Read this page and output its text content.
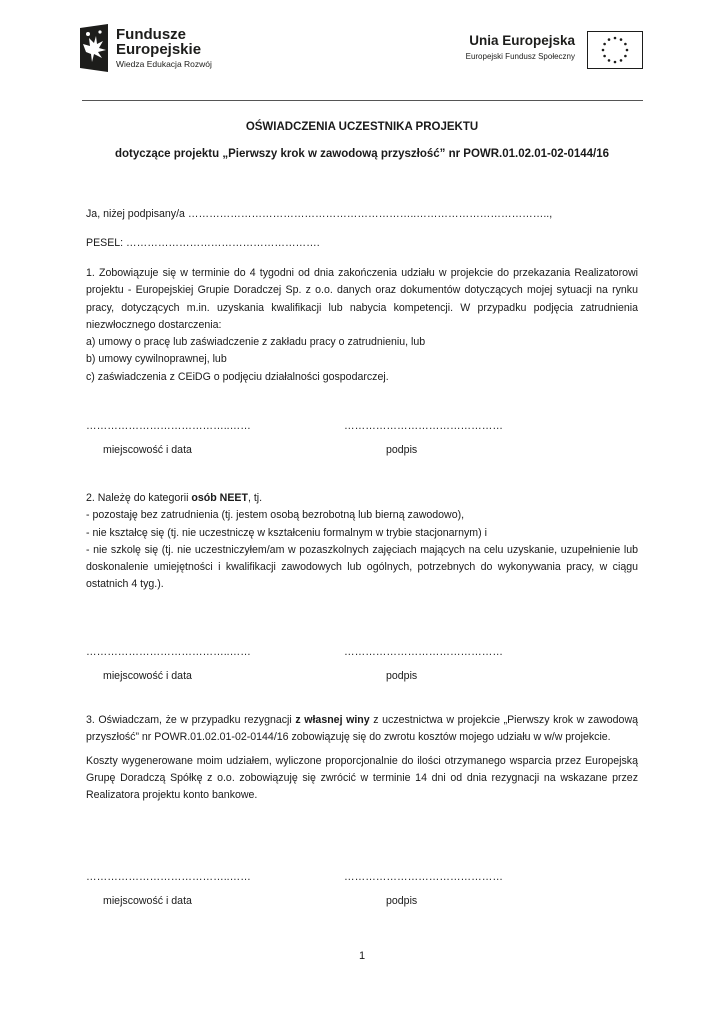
Fundusze
Europejskie
Wiedza Edukacja Rozwój
Unia Europejska
Europejski Fundusz Społeczny
OŚWIADCZENIA UCZESTNIKA PROJEKTU
dotyczące projektu „Pierwszy krok w zawodową przyszłość” nr POWR.01.02.01-02-0144/16
Ja, niżej podpisany/a ………………………………………………………..………………………………..,
PESEL: ……………………………………………….
1. Zobowiązuje się w terminie do 4 tygodni od dnia zakończenia udziału w projekcie do przekazania Realizatorowi projektu - Europejskiej Grupie Doradczej Sp. z o.o. danych oraz dokumentów dotyczących mojej sytuacji na rynku pracy, dotyczących m.in. uzyskania kwalifikacji lub nabycia kompetencji. W przypadku podjęcia zatrudnienia niezwłocznego dostarczenia:
a) umowy o pracę lub zaświadczenie z zakładu pracy o zatrudnieniu, lub
b) umowy cywilnoprawnej, lub
c) zaświadczenia z CEiDG o podjęciu działalności gospodarczej.
…………………………………..……	………………………………………
miejscowość i data	podpis
2. Należę do kategorii osób NEET, tj.
- pozostaję bez zatrudnienia (tj. jestem osobą bezrobotną lub bierną zawodowo),
- nie kształcę się (tj. nie uczestniczę w kształceniu formalnym w trybie stacjonarnym) i
- nie szkolę się (tj. nie uczestniczyłem/am w pozaszkolnych zajęciach mających na celu uzyskanie, uzupełnienie lub doskonalenie umiejętności i kwalifikacji zawodowych lub ogólnych, potrzebnych do wykonywania pracy, w ciągu ostatnich 4 tyg.).
…………………………………..……	………………………………………
miejscowość i data	podpis
3. Oświadczam, że w przypadku rezygnacji z własnej winy z uczestnictwa w projekcie „Pierwszy krok w zawodową przyszłość” nr POWR.01.02.01-02-0144/16 zobowiązuję się do zwrotu kosztów mojego udziału w w/w projekcie.
Koszty wygenerowane moim udziałem, wyliczone proporcjonalnie do ilości otrzymanego wsparcia przez Europejską Grupę Doradczą Spółkę z o.o. zobowiązuję się zwrócić w terminie 14 dni od dnia rezygnacji na wskazane przez Realizatora projektu konto bankowe.
…………………………………..……	………………………………………
miejscowość i data	podpis
1
